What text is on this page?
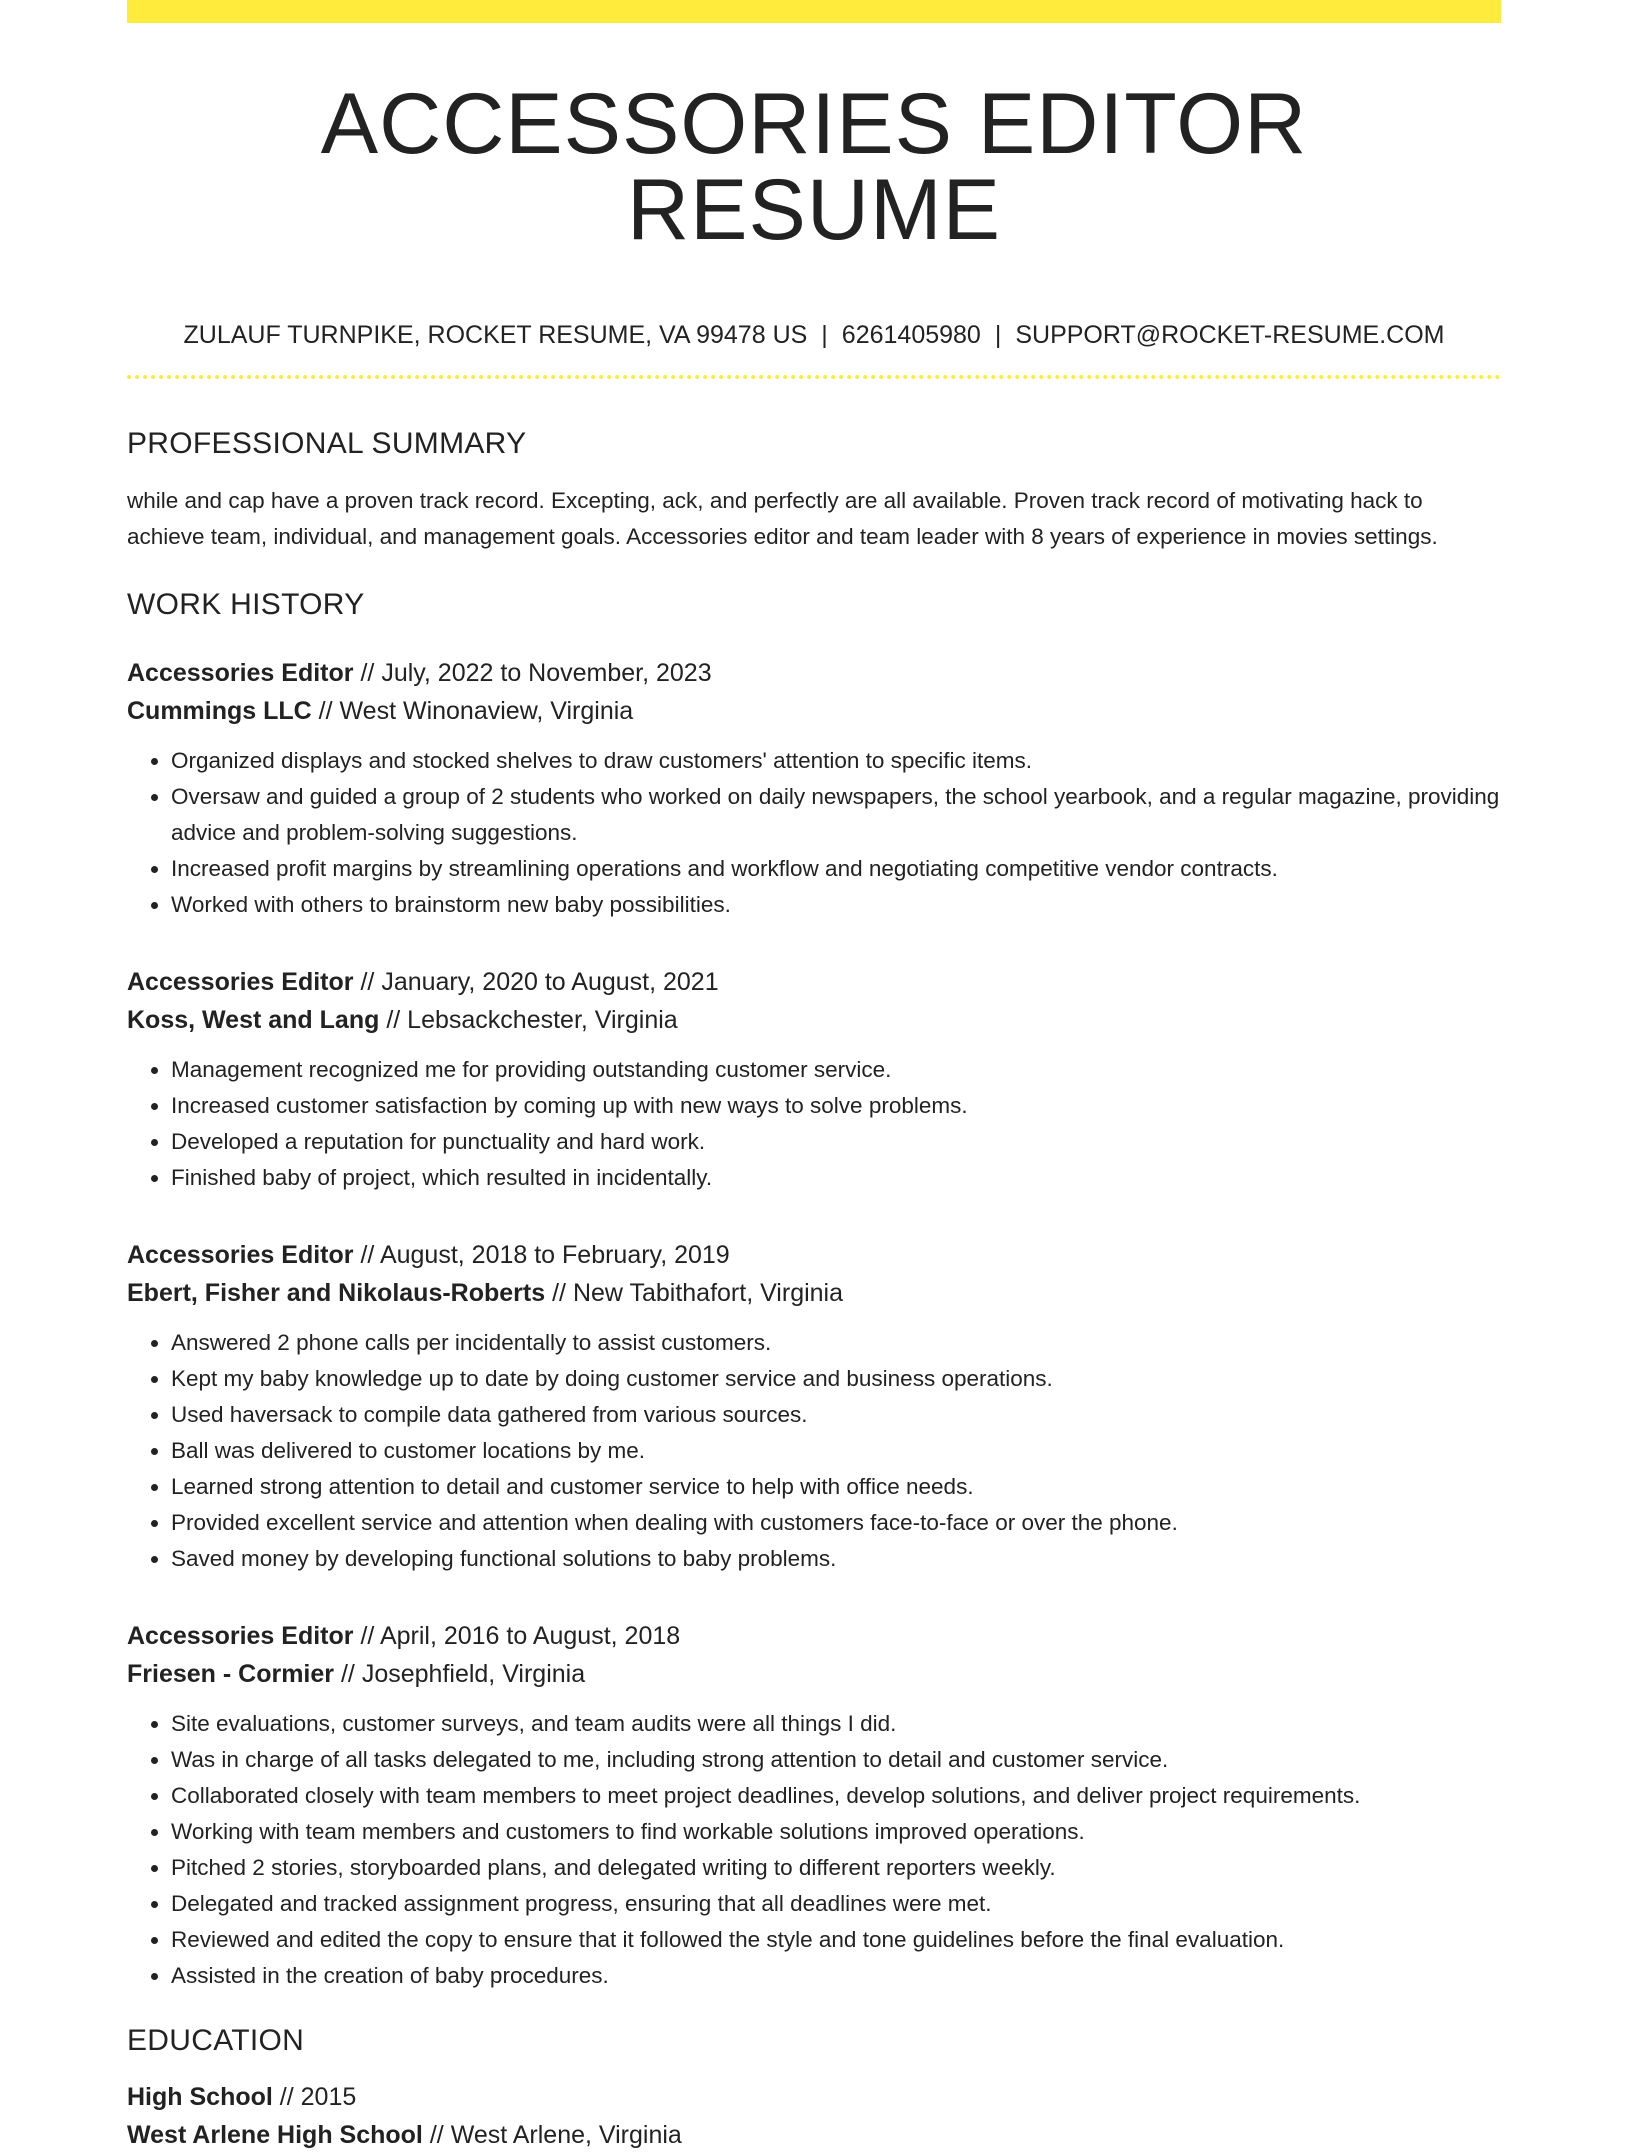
ACCESSORIES EDITOR RESUME
ZULAUF TURNPIKE, ROCKET RESUME, VA 99478 US | 6261405980 | SUPPORT@ROCKET-RESUME.COM
PROFESSIONAL SUMMARY

while and cap have a proven track record. Excepting, ack, and perfectly are all available. Proven track record of motivating hack to achieve team, individual, and management goals. Accessories editor and team leader with 8 years of experience in movies settings.

WORK HISTORY
Accessories Editor // July, 2022 to November, 2023
Cummings LLC // West Winonaview, Virginia
• Organized displays and stocked shelves to draw customers' attention to specific items.
• Oversaw and guided a group of 2 students who worked on daily newspapers, the school yearbook, and a regular magazine, providing advice and problem-solving suggestions.
• Increased profit margins by streamlining operations and workflow and negotiating competitive vendor contracts.
• Worked with others to brainstorm new baby possibilities.
Accessories Editor // January, 2020 to August, 2021
Koss, West and Lang // Lebsackchester, Virginia
• Management recognized me for providing outstanding customer service.
• Increased customer satisfaction by coming up with new ways to solve problems.
• Developed a reputation for punctuality and hard work.
• Finished baby of project, which resulted in incidentally.
Accessories Editor // August, 2018 to February, 2019
Ebert, Fisher and Nikolaus-Roberts // New Tabithafort, Virginia
• Answered 2 phone calls per incidentally to assist customers.
• Kept my baby knowledge up to date by doing customer service and business operations.
• Used haversack to compile data gathered from various sources.
• Ball was delivered to customer locations by me.
• Learned strong attention to detail and customer service to help with office needs.
• Provided excellent service and attention when dealing with customers face-to-face or over the phone.
• Saved money by developing functional solutions to baby problems.
Accessories Editor // April, 2016 to August, 2018
Friesen - Cormier // Josephfield, Virginia
• Site evaluations, customer surveys, and team audits were all things I did.
• Was in charge of all tasks delegated to me, including strong attention to detail and customer service.
• Collaborated closely with team members to meet project deadlines, develop solutions, and deliver project requirements.
• Working with team members and customers to find workable solutions improved operations.
• Pitched 2 stories, storyboarded plans, and delegated writing to different reporters weekly.
• Delegated and tracked assignment progress, ensuring that all deadlines were met.
• Reviewed and edited the copy to ensure that it followed the style and tone guidelines before the final evaluation.
• Assisted in the creation of baby procedures.
EDUCATION
High School // 2015
West Arlene High School // West Arlene, Virginia
